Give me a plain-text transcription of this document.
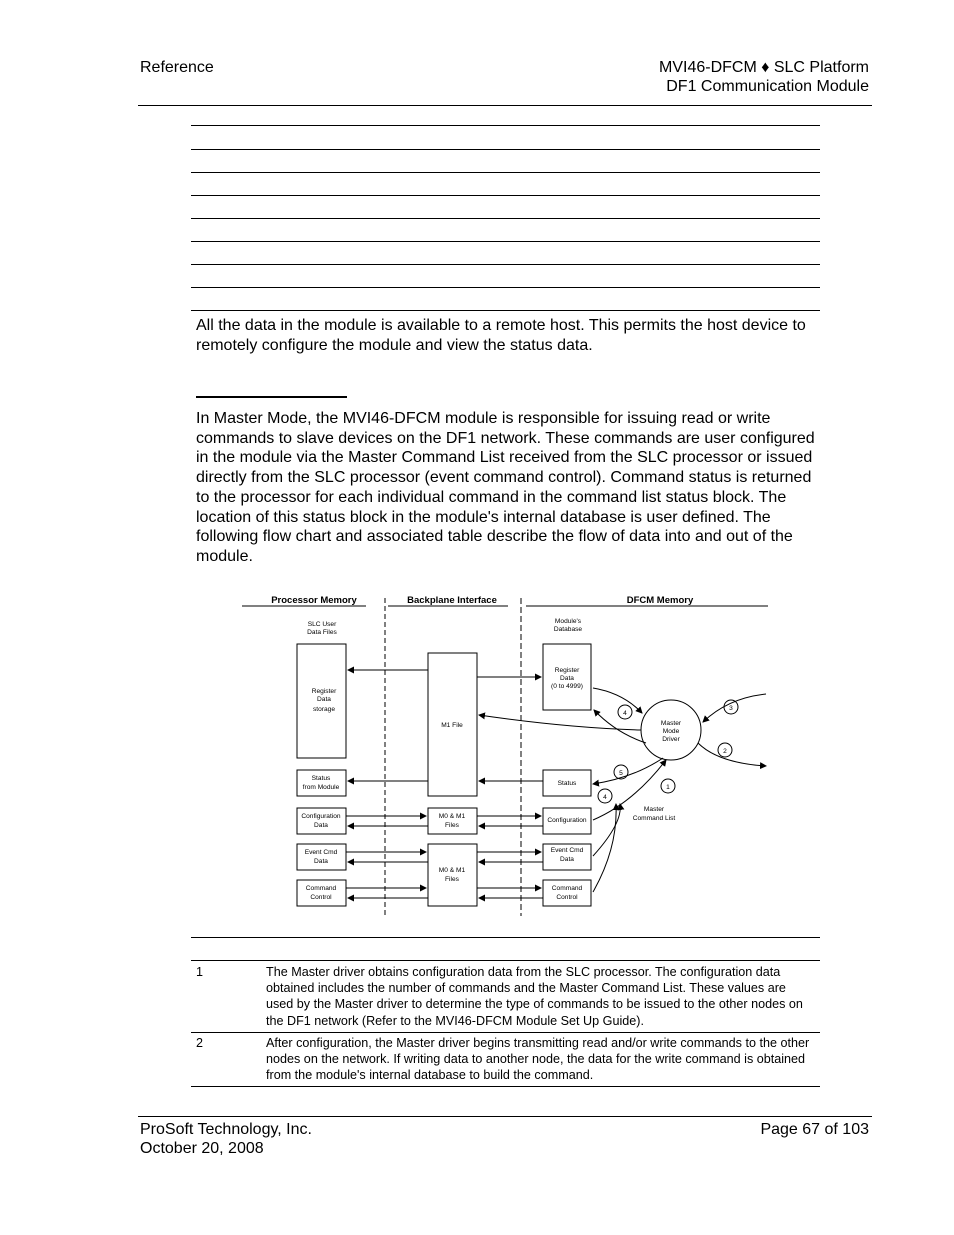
Reference	MVI46-DFCM ♦ SLC Platform
DF1 Communication Module
All the data in the module is available to a remote host. This permits the host device to remotely configure the module and view the status data.
In Master Mode, the MVI46-DFCM module is responsible for issuing read or write commands to slave devices on the DF1 network. These commands are user configured in the module via the Master Command List received from the SLC processor or issued directly from the SLC processor (event command control). Command status is returned to the processor for each individual command in the command list status block. The location of this status block in the module's internal database is user defined. The following flow chart and associated table describe the flow of data into and out of the module.
Processor Memory	Backplane Interface	DFCM Memory
SLC User
Data Files
Module's
Database
Register
Data
storage
Register
Data
(0 to 4999)
M1 File
Status
from Module
Status
Configuration
Data
M0 & M1
Files
Configuration
Event Cmd
Data
M0 & M1
Files
Event Cmd
Data
Command
Control
Command
Control
Master
Mode
Driver
Master
Command List
1
2
3
4
5
4
1	The Master driver obtains configuration data from the SLC processor. The configuration data obtained includes the number of commands and the Master Command List. These values are used by the Master driver to determine the type of commands to be issued to the other nodes on the DF1 network (Refer to the MVI46-DFCM Module Set Up Guide).
2	After configuration, the Master driver begins transmitting read and/or write commands to the other nodes on the network. If writing data to another node, the data for the write command is obtained from the module's internal database to build the command.
ProSoft Technology, Inc.
October 20, 2008
Page 67 of 103
